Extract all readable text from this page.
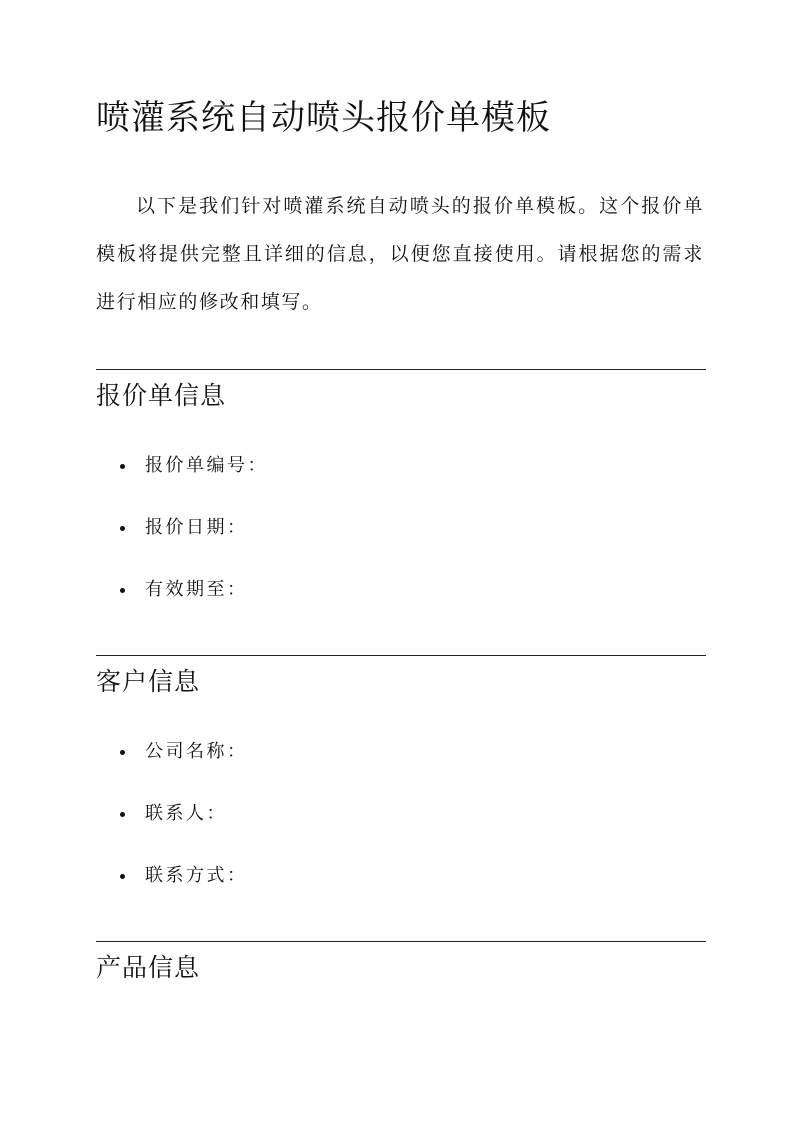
喷灌系统自动喷头报价单模板

以下是我们针对喷灌系统自动喷头的报价单模板。这个报价单模板将提供完整且详细的信息，以便您直接使用。请根据您的需求进行相应的修改和填写。

报价单信息
报价单编号：
报价日期：
有效期至：
客户信息
公司名称：
联系人：
联系方式：
产品信息
